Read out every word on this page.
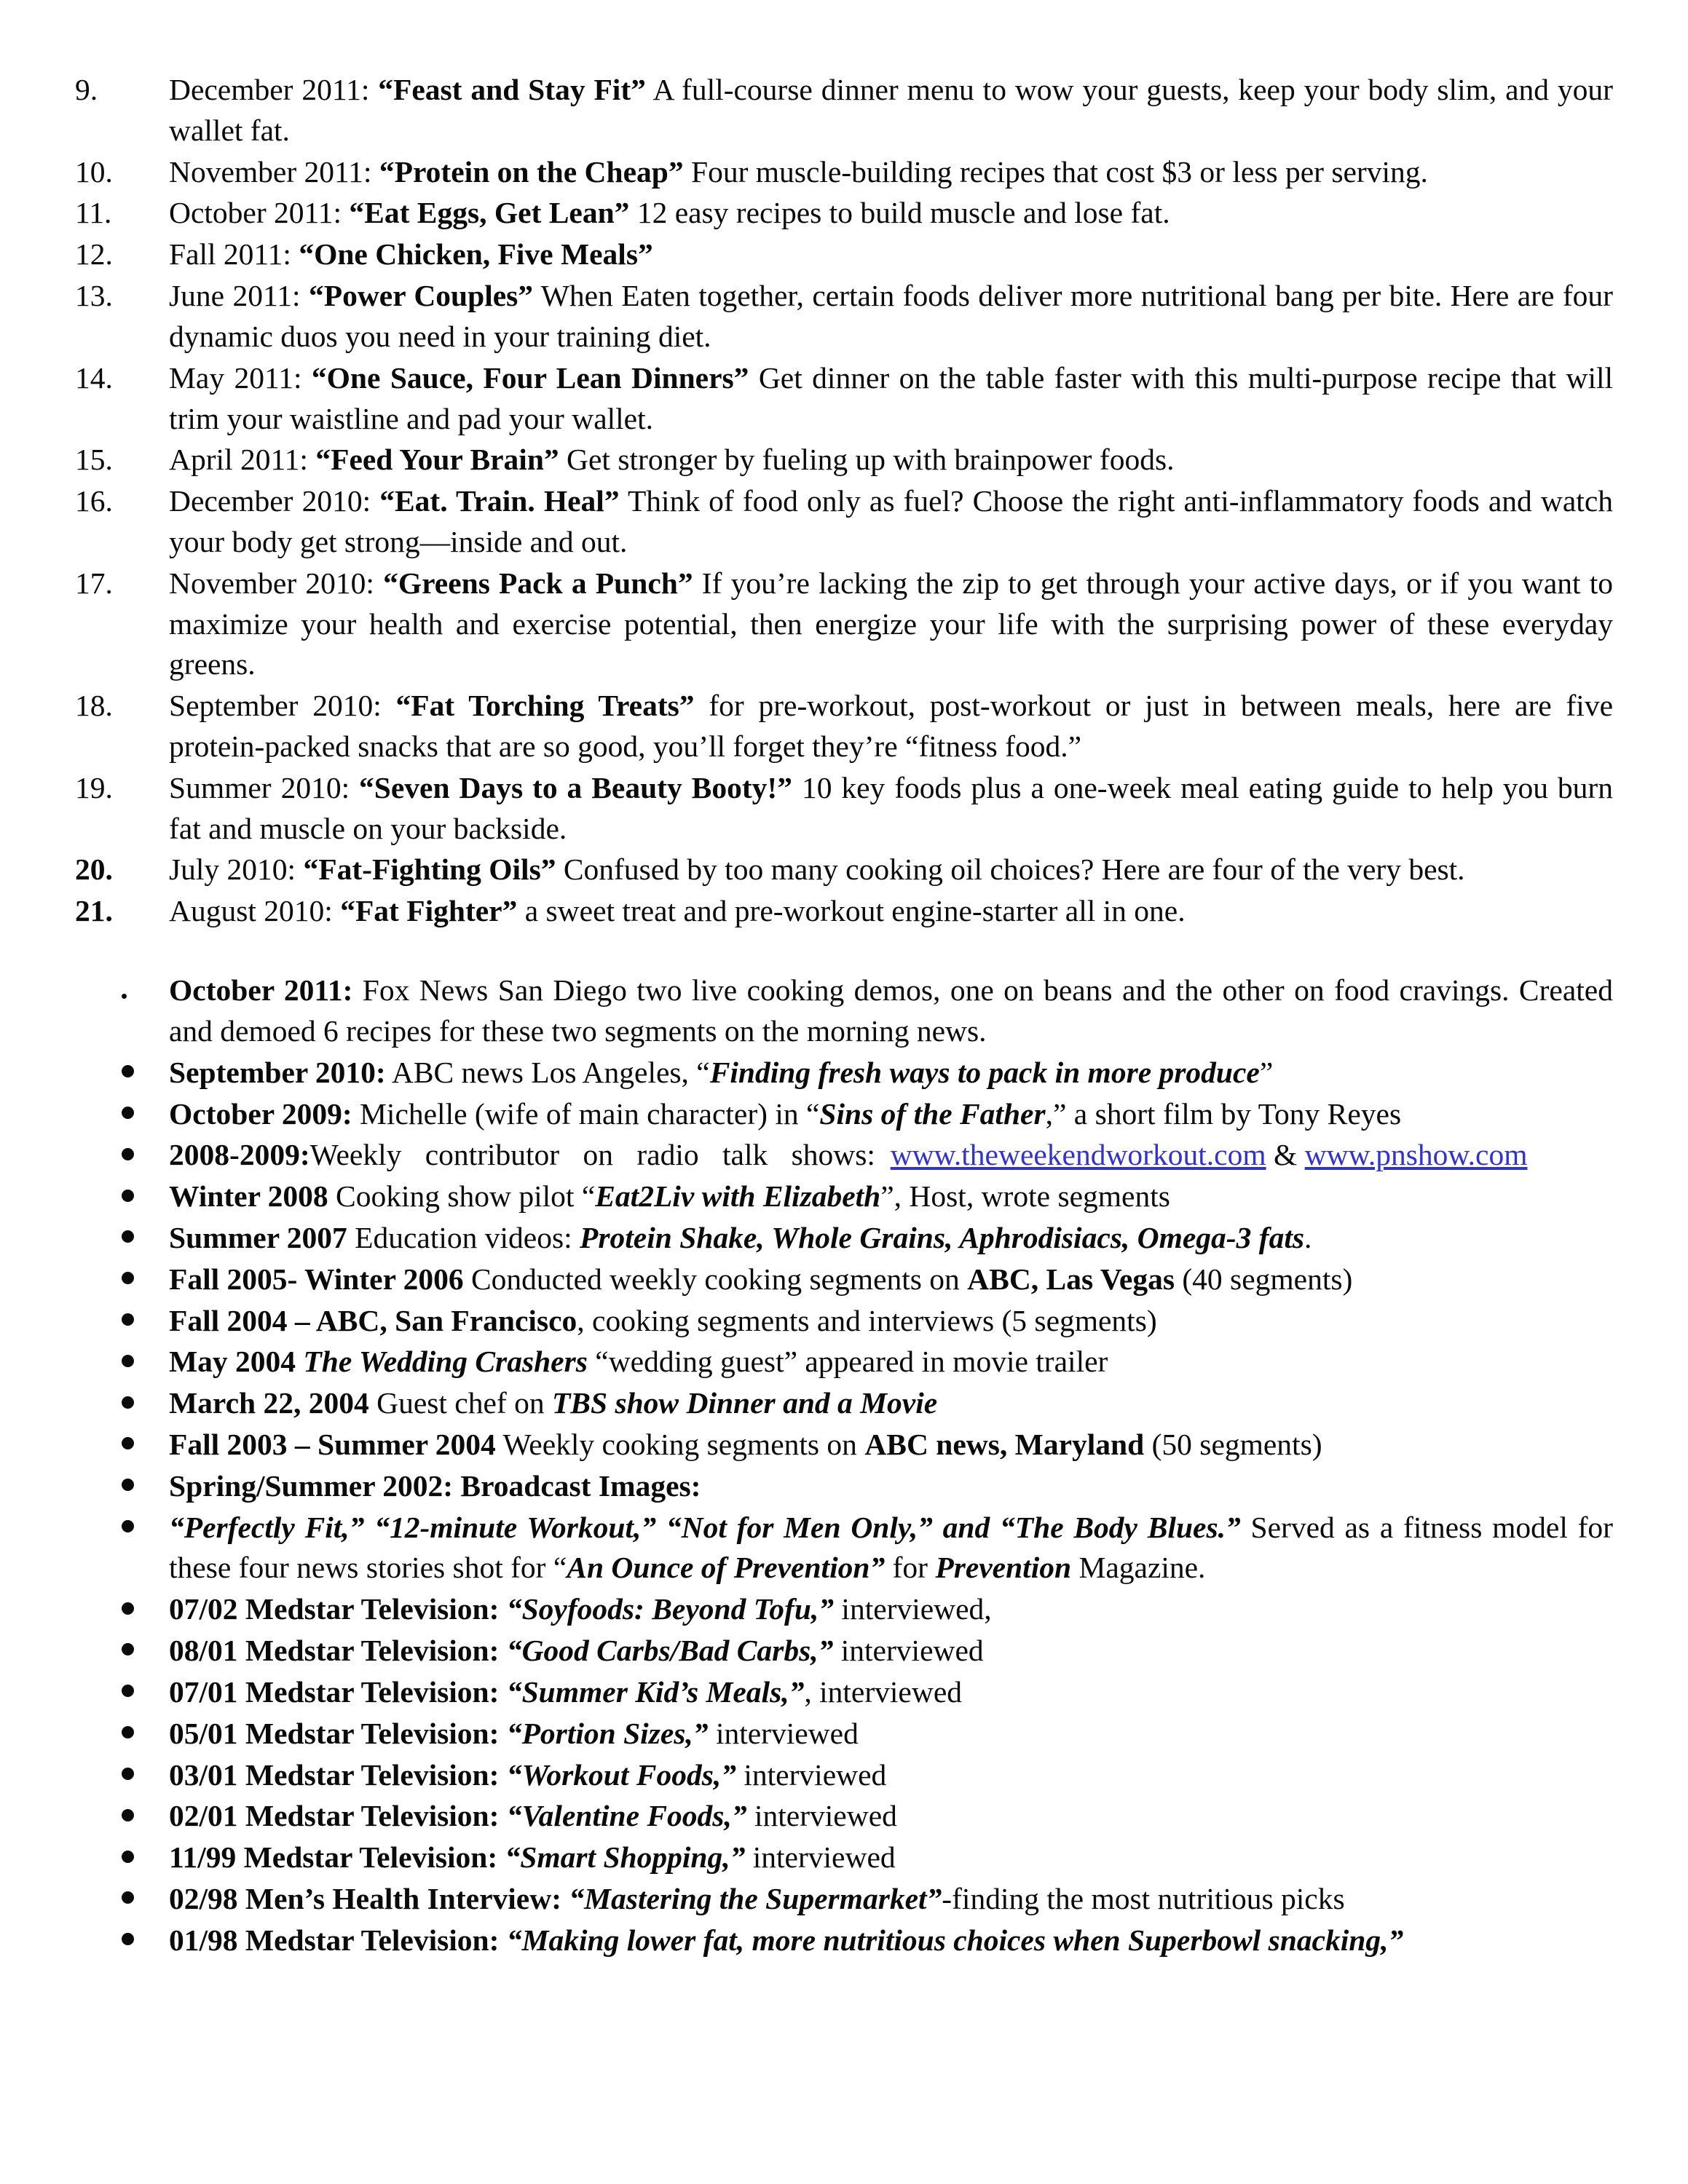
9.	December 2011: “Feast and Stay Fit” A full-course dinner menu to wow your guests, keep your body slim, and your wallet fat.
10.	November 2011: “Protein on the Cheap” Four muscle-building recipes that cost $3 or less per serving.
11.	October 2011: “Eat Eggs, Get Lean” 12 easy recipes to build muscle and lose fat.
12.	Fall 2011: “One Chicken, Five Meals”
13.	June 2011: “Power Couples” When Eaten together, certain foods deliver more nutritional bang per bite. Here are four dynamic duos you need in your training diet.
14.	May 2011: “One Sauce, Four Lean Dinners” Get dinner on the table faster with this multi-purpose recipe that will trim your waistline and pad your wallet.
15.	April 2011: “Feed Your Brain” Get stronger by fueling up with brainpower foods.
16.	December 2010: “Eat. Train. Heal” Think of food only as fuel? Choose the right anti-inflammatory foods and watch your body get strong—inside and out.
17.	November 2010: “Greens Pack a Punch” If you’re lacking the zip to get through your active days, or if you want to maximize your health and exercise potential, then energize your life with the surprising power of these everyday greens.
18.	September 2010: “Fat Torching Treats” for pre-workout, post-workout or just in between meals, here are five protein-packed snacks that are so good, you’ll forget they’re “fitness food.”
19.	Summer 2010: “Seven Days to a Beauty Booty!” 10 key foods plus a one-week meal eating guide to help you burn fat and muscle on your backside.
20.	July 2010: “Fat-Fighting Oils” Confused by too many cooking oil choices? Here are four of the very best.
21.	August 2010: “Fat Fighter” a sweet treat and pre-workout engine-starter all in one.
October 2011: Fox News San Diego two live cooking demos, one on beans and the other on food cravings. Created and demoed 6 recipes for these two segments on the morning news.
September 2010: ABC news Los Angeles, “Finding fresh ways to pack in more produce”
October 2009: Michelle (wife of main character) in “Sins of the Father,” a short film by Tony Reyes
2008-2009:Weekly contributor on radio talk shows: www.theweekendworkout.com & www.pnshow.com
Winter 2008 Cooking show pilot “Eat2Liv with Elizabeth”, Host, wrote segments
Summer 2007 Education videos: Protein Shake, Whole Grains, Aphrodisiacs, Omega-3 fats.
Fall 2005- Winter 2006 Conducted weekly cooking segments on ABC, Las Vegas (40 segments)
Fall 2004 – ABC, San Francisco, cooking segments and interviews (5 segments)
May 2004 The Wedding Crashers “wedding guest” appeared in movie trailer
March 22, 2004 Guest chef on TBS show Dinner and a Movie
Fall 2003 – Summer 2004 Weekly cooking segments on ABC news, Maryland (50 segments)
Spring/Summer 2002: Broadcast Images:
“Perfectly Fit,” “12-minute Workout,” “Not for Men Only,” and “The Body Blues.” Served as a fitness model for these four news stories shot for “An Ounce of Prevention” for Prevention Magazine.
07/02 Medstar Television: “Soyfoods: Beyond Tofu,” interviewed,
08/01 Medstar Television: “Good Carbs/Bad Carbs,” interviewed
07/01 Medstar Television: “Summer Kid’s Meals,”, interviewed
05/01 Medstar Television: “Portion Sizes,” interviewed
03/01 Medstar Television: “Workout Foods,” interviewed
02/01 Medstar Television: “Valentine Foods,” interviewed
11/99 Medstar Television: “Smart Shopping,” interviewed
02/98 Men’s Health Interview: “Mastering the Supermarket”-finding the most nutritious picks
01/98 Medstar Television: “Making lower fat, more nutritious choices when Superbowl snacking,”
